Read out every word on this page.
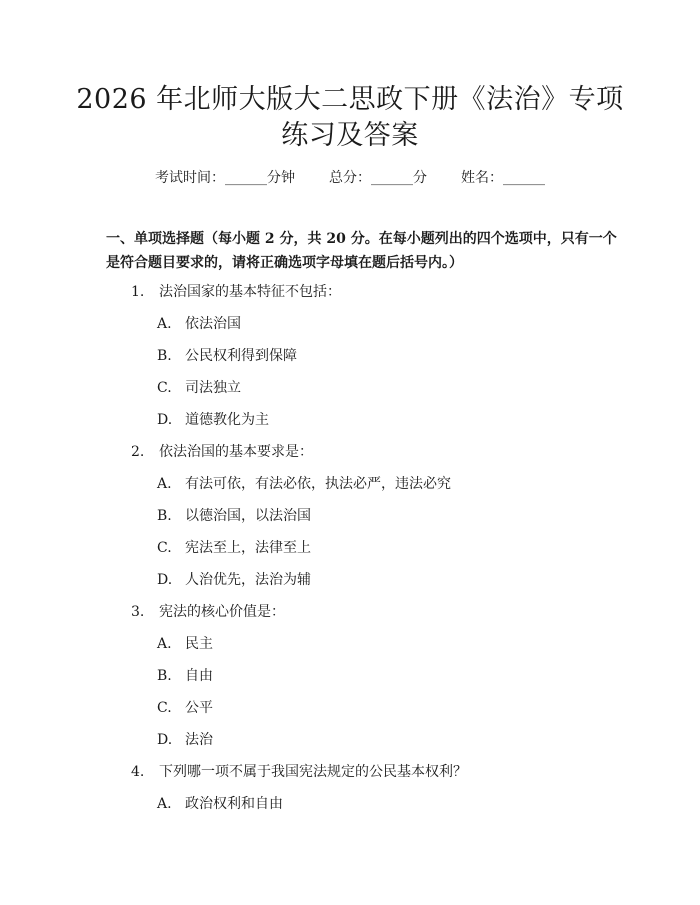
2026 年北师大版大二思政下册《法治》专项
练习及答案
考试时间：______分钟 总分：______分 姓名：______
一、单项选择题（每小题 2 分，共 20 分。在每小题列出的四个选项中，只有一个
是符合题目要求的，请将正确选项字母填在题后括号内。）
1. 法治国家的基本特征不包括：
A. 依法治国
B. 公民权利得到保障
C. 司法独立
D. 道德教化为主
2. 依法治国的基本要求是：
A. 有法可依，有法必依，执法必严，违法必究
B. 以德治国，以法治国
C. 宪法至上，法律至上
D. 人治优先，法治为辅
3. 宪法的核心价值是：
A. 民主
B. 自由
C. 公平
D. 法治
4. 下列哪一项不属于我国宪法规定的公民基本权利？
A. 政治权利和自由
